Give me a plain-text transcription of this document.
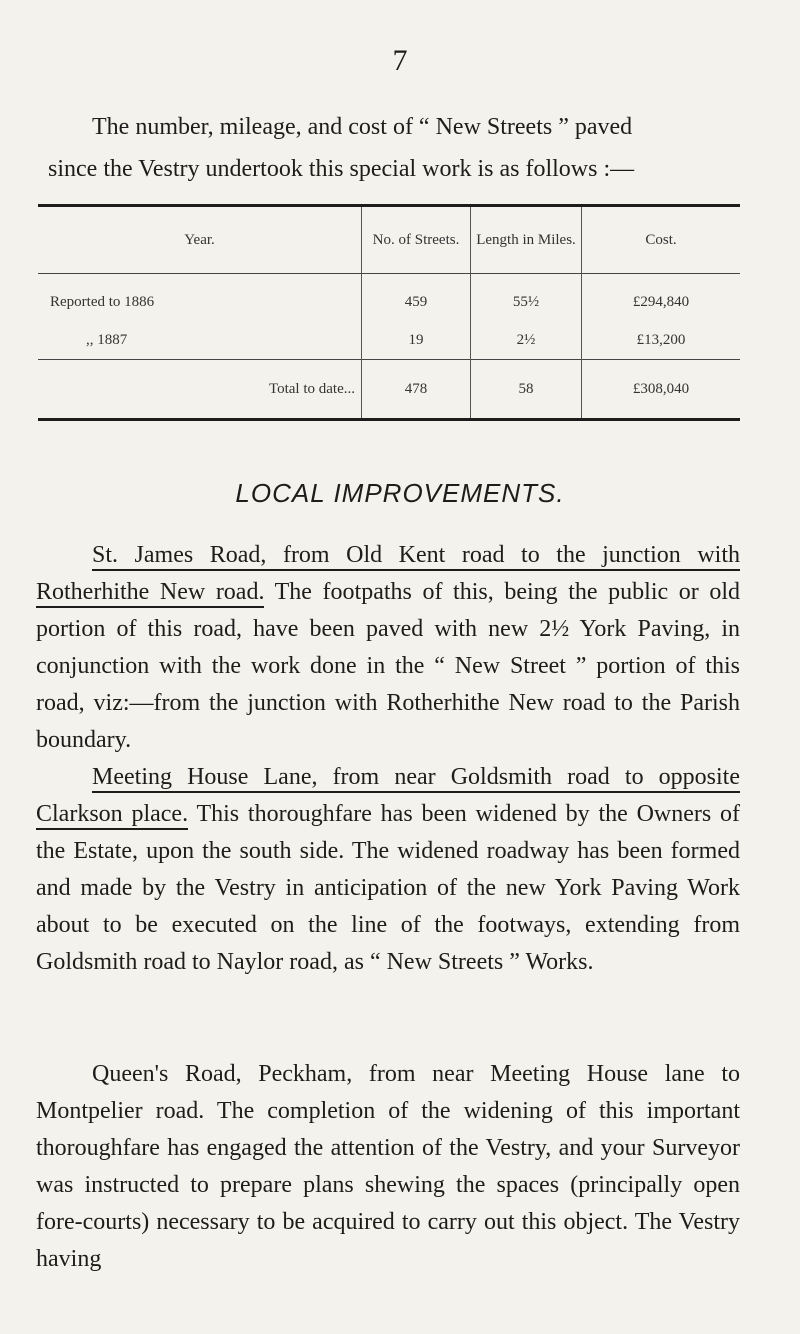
7
The number, mileage, and cost of “ New Streets ” paved
since the Vestry undertook this special work is as follows :—
Year.	No. of Streets.	Length in Miles.	Cost.
Reported to 1886	459	55½	£294,840
,, 1887	19	2½	£13,200
Total to date...	478	58	£308,040
LOCAL IMPROVEMENTS.
St. James Road, from Old Kent road to the junction with Rotherhithe New road. The footpaths of this, being the public or old portion of this road, have been paved with new 2½ York Paving, in conjunction with the work done in the “ New Street ” portion of this road, viz:—from the junction with Rotherhithe New road to the Parish boundary.
Meeting House Lane, from near Goldsmith road to opposite Clarkson place. This thoroughfare has been widened by the Owners of the Estate, upon the south side. The widened roadway has been formed and made by the Vestry in anticipation of the new York Paving Work about to be executed on the line of the footways, extending from Goldsmith road to Naylor road, as “ New Streets ” Works.
Queen's Road, Peckham, from near Meeting House lane to Montpelier road. The completion of the widening of this important thoroughfare has engaged the attention of the Vestry, and your Surveyor was instructed to prepare plans shewing the spaces (principally open fore-courts) necessary to be acquired to carry out this object. The Vestry having
